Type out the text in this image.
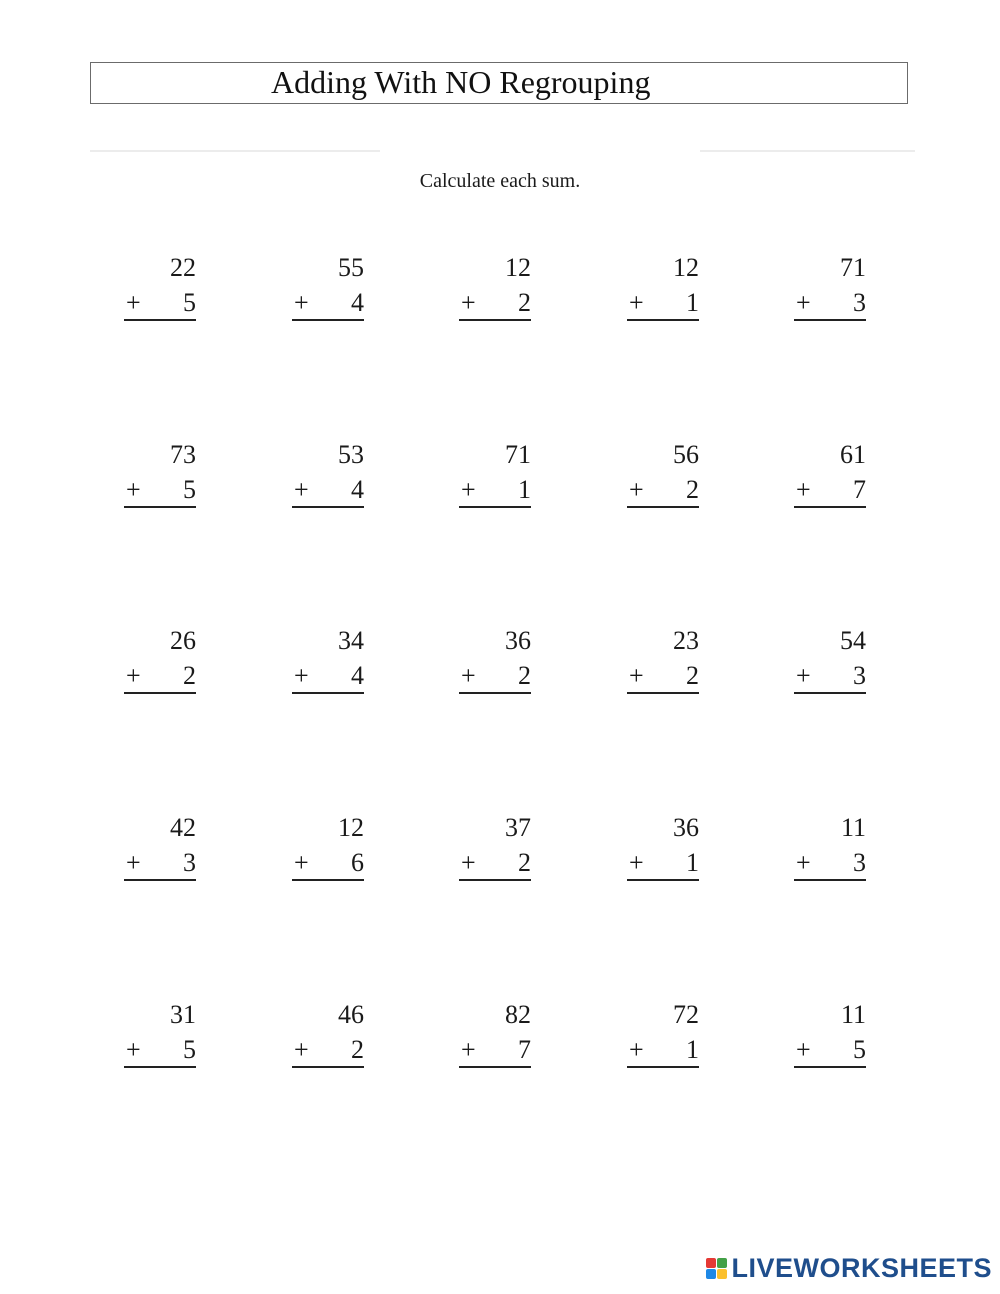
Adding With NO Regrouping
Calculate each sum.
22
+ 5
55
+ 4
12
+ 2
12
+ 1
71
+ 3
73
+ 5
53
+ 4
71
+ 1
56
+ 2
61
+ 7
26
+ 2
34
+ 4
36
+ 2
23
+ 2
54
+ 3
42
+ 3
12
+ 6
37
+ 2
36
+ 1
11
+ 3
31
+ 5
46
+ 2
82
+ 7
72
+ 1
11
+ 5
LIVEWORKSHEETS
